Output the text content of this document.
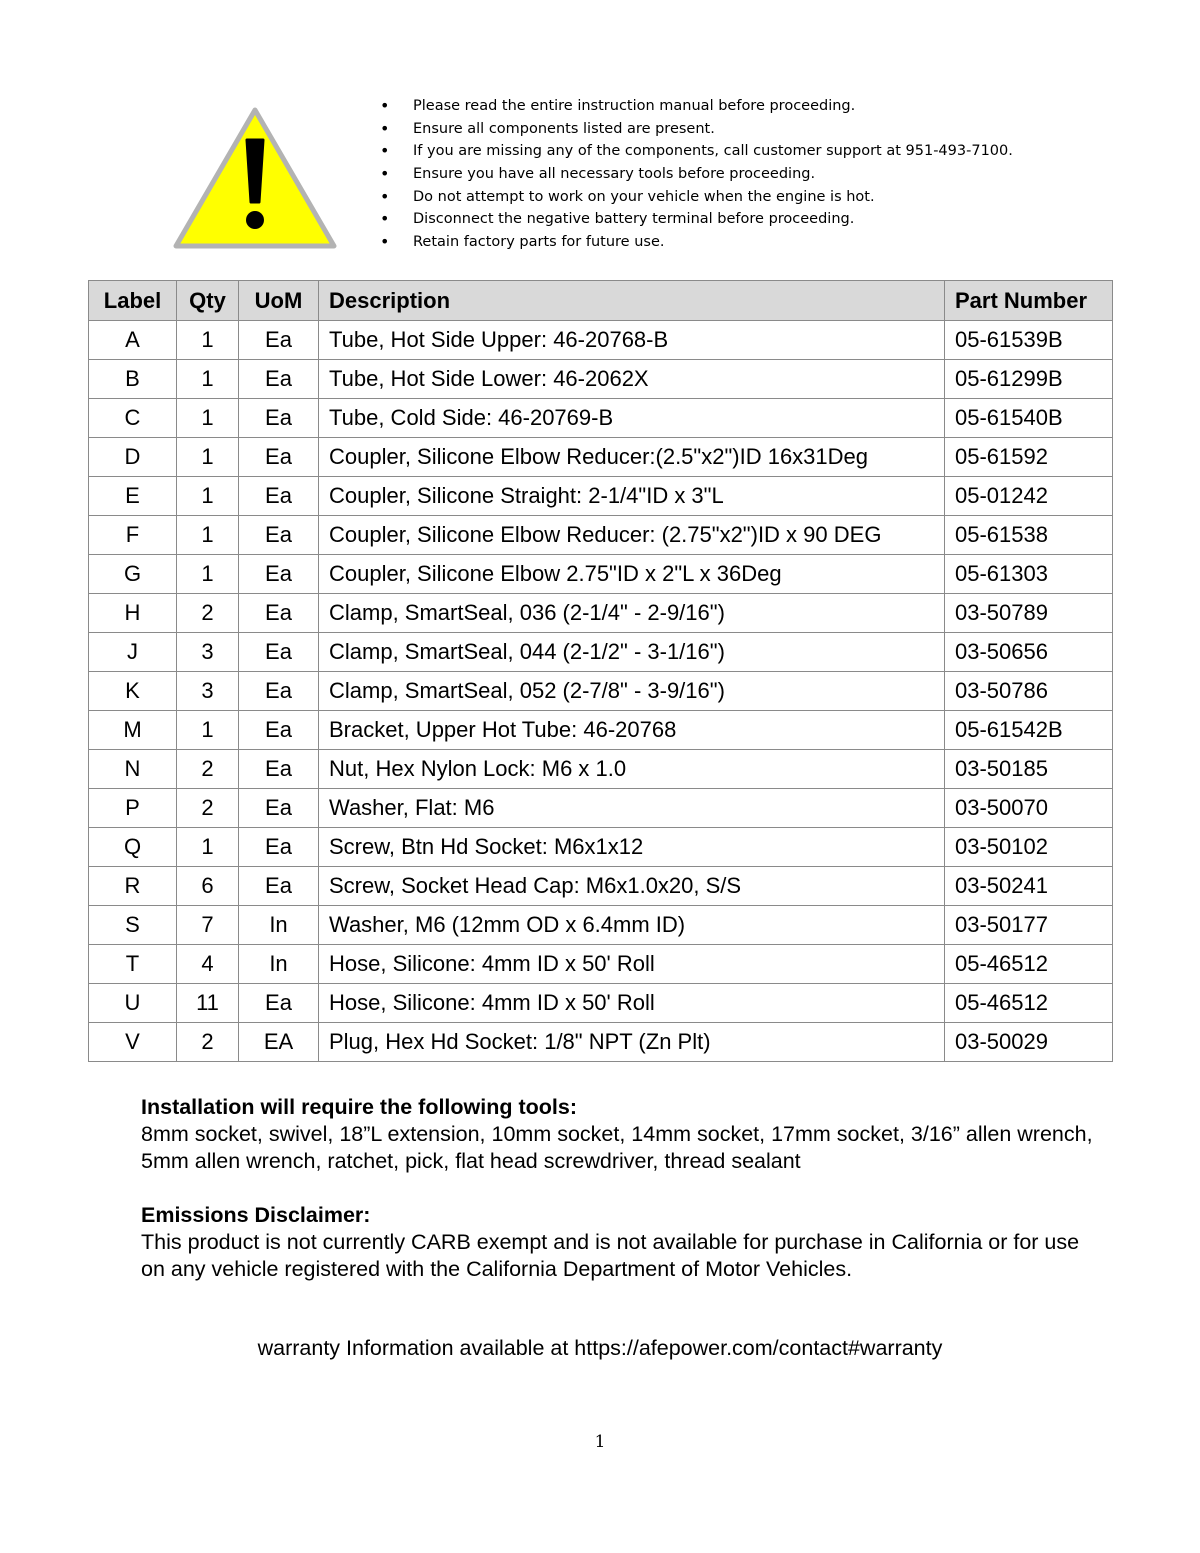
• Please read the entire instruction manual before proceeding.
• Ensure all components listed are present.
• If you are missing any of the components, call customer support at 951-493-7100.
• Ensure you have all necessary tools before proceeding.
• Do not attempt to work on your vehicle when the engine is hot.
• Disconnect the negative battery terminal before proceeding.
• Retain factory parts for future use.
Label	Qty	UoM	Description	Part Number
A	1	Ea	Tube, Hot Side Upper: 46-20768-B	05-61539B
B	1	Ea	Tube, Hot Side Lower: 46-2062X	05-61299B
C	1	Ea	Tube, Cold Side: 46-20769-B	05-61540B
D	1	Ea	Coupler, Silicone Elbow Reducer:(2.5"x2")ID 16x31Deg	05-61592
E	1	Ea	Coupler, Silicone Straight: 2-1/4"ID x 3"L	05-01242
F	1	Ea	Coupler, Silicone Elbow Reducer: (2.75"x2")ID x 90 DEG	05-61538
G	1	Ea	Coupler, Silicone Elbow 2.75"ID x 2"L x 36Deg	05-61303
H	2	Ea	Clamp, SmartSeal, 036 (2-1/4" - 2-9/16")	03-50789
J	3	Ea	Clamp, SmartSeal, 044 (2-1/2" - 3-1/16")	03-50656
K	3	Ea	Clamp, SmartSeal, 052 (2-7/8" - 3-9/16")	03-50786
M	1	Ea	Bracket, Upper Hot Tube: 46-20768	05-61542B
N	2	Ea	Nut, Hex Nylon Lock: M6 x 1.0	03-50185
P	2	Ea	Washer, Flat: M6	03-50070
Q	1	Ea	Screw, Btn Hd Socket: M6x1x12	03-50102
R	6	Ea	Screw, Socket Head Cap: M6x1.0x20, S/S	03-50241
S	7	In	Washer, M6 (12mm OD x 6.4mm ID)	03-50177
T	4	In	Hose, Silicone: 4mm ID x 50' Roll	05-46512
U	11	Ea	Hose, Silicone: 4mm ID x 50' Roll	05-46512
V	2	EA	Plug, Hex Hd Socket: 1/8" NPT (Zn Plt)	03-50029
Installation will require the following tools:
8mm socket, swivel, 18”L extension, 10mm socket, 14mm socket, 17mm socket, 3/16” allen wrench, 5mm allen wrench, ratchet, pick, flat head screwdriver, thread sealant
Emissions Disclaimer:
This product is not currently CARB exempt and is not available for purchase in California or for use on any vehicle registered with the California Department of Motor Vehicles.
warranty Information available at https://afepower.com/contact#warranty
1
